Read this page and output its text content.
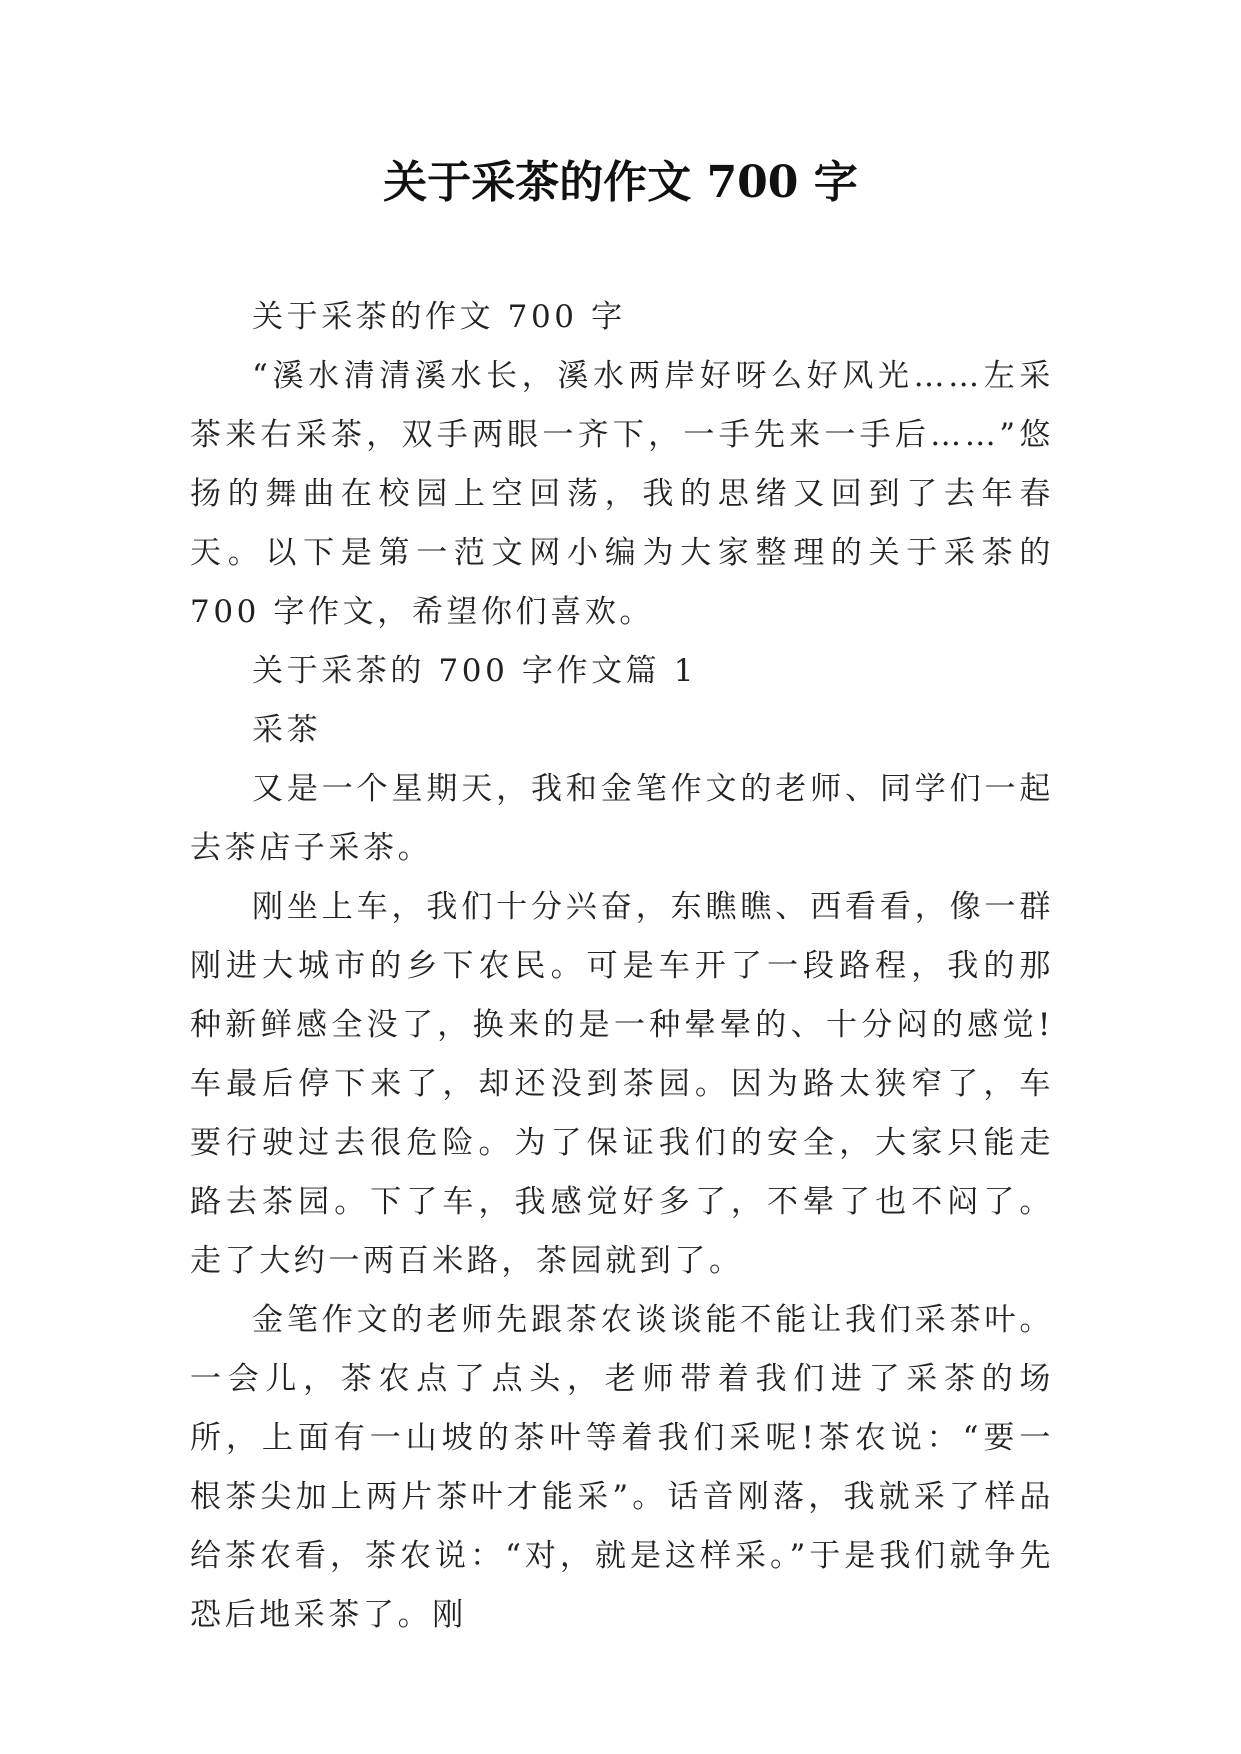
关于采茶的作文 700 字

关于采茶的作文 700 字

“溪水清清溪水长，溪水两岸好呀么好风光……左采茶来右采茶，双手两眼一齐下，一手先来一手后……”悠扬的舞曲在校园上空回荡，我的思绪又回到了去年春天。以下是第一范文网小编为大家整理的关于采茶的 700 字作文，希望你们喜欢。

关于采茶的 700 字作文篇 1

采茶

又是一个星期天，我和金笔作文的老师、同学们一起去茶店子采茶。

刚坐上车，我们十分兴奋，东瞧瞧、西看看，像一群刚进大城市的乡下农民。可是车开了一段路程，我的那种新鲜感全没了，换来的是一种晕晕的、十分闷的感觉!车最后停下来了，却还没到茶园。因为路太狭窄了，车要行驶过去很危险。为了保证我们的安全，大家只能走路去茶园。下了车，我感觉好多了，不晕了也不闷了。走了大约一两百米路，茶园就到了。

金笔作文的老师先跟茶农谈谈能不能让我们采茶叶。一会儿，茶农点了点头，老师带着我们进了采茶的场所，上面有一山坡的茶叶等着我们采呢!茶农说：“要一根茶尖加上两片茶叶才能采”。话音刚落，我就采了样品给茶农看，茶农说：“对，就是这样采。”于是我们就争先恐后地采茶了。刚
